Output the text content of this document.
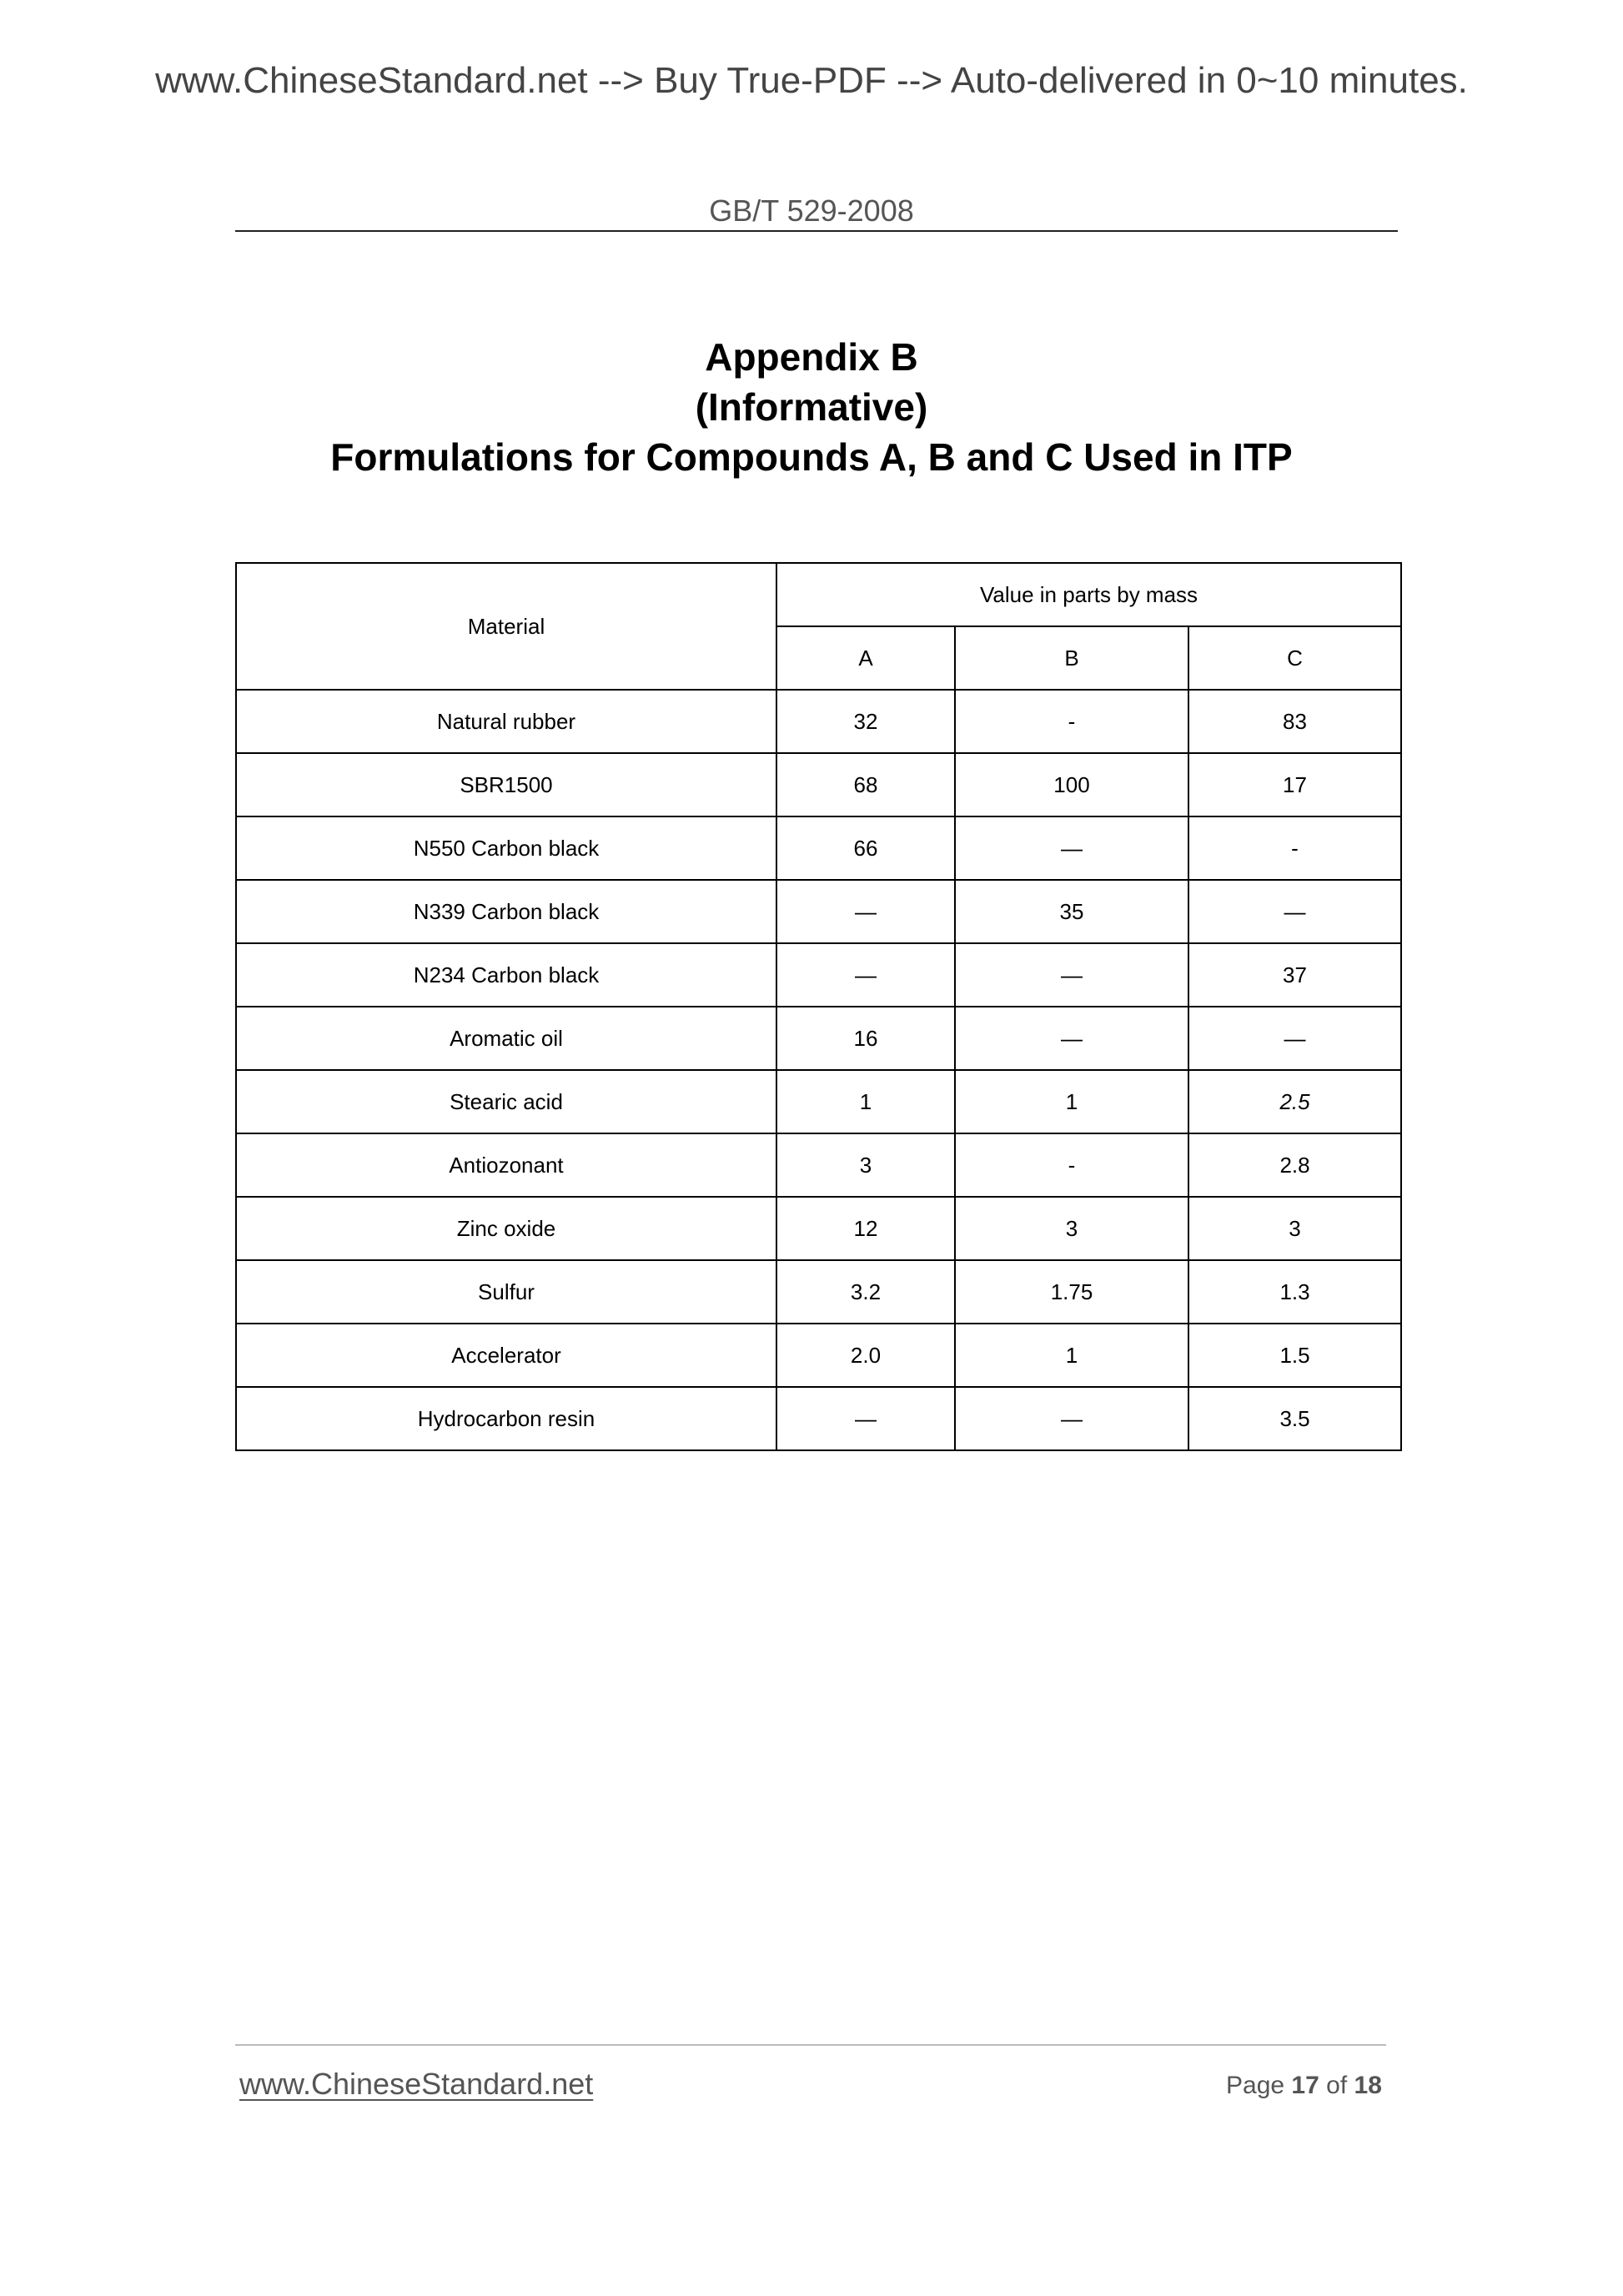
www.ChineseStandard.net --> Buy True-PDF --> Auto-delivered in 0~10 minutes.
GB/T 529-2008
Appendix B
(Informative)
Formulations for Compounds A, B and C Used in ITP
Material	Value in parts by mass		
	A	B	C
Natural rubber	32	-	83
SBR1500	68	100	17
N550 Carbon black	66	—	-
N339 Carbon black	—	35	—
N234 Carbon black	—	—	37
Aromatic oil	16	—	—
Stearic acid	1	1	2.5
Antiozonant	3	-	2.8
Zinc oxide	12	3	3
Sulfur	3.2	1.75	1.3
Accelerator	2.0	1	1.5
Hydrocarbon resin	—	—	3.5
www.ChineseStandard.net	Page 17 of 18
